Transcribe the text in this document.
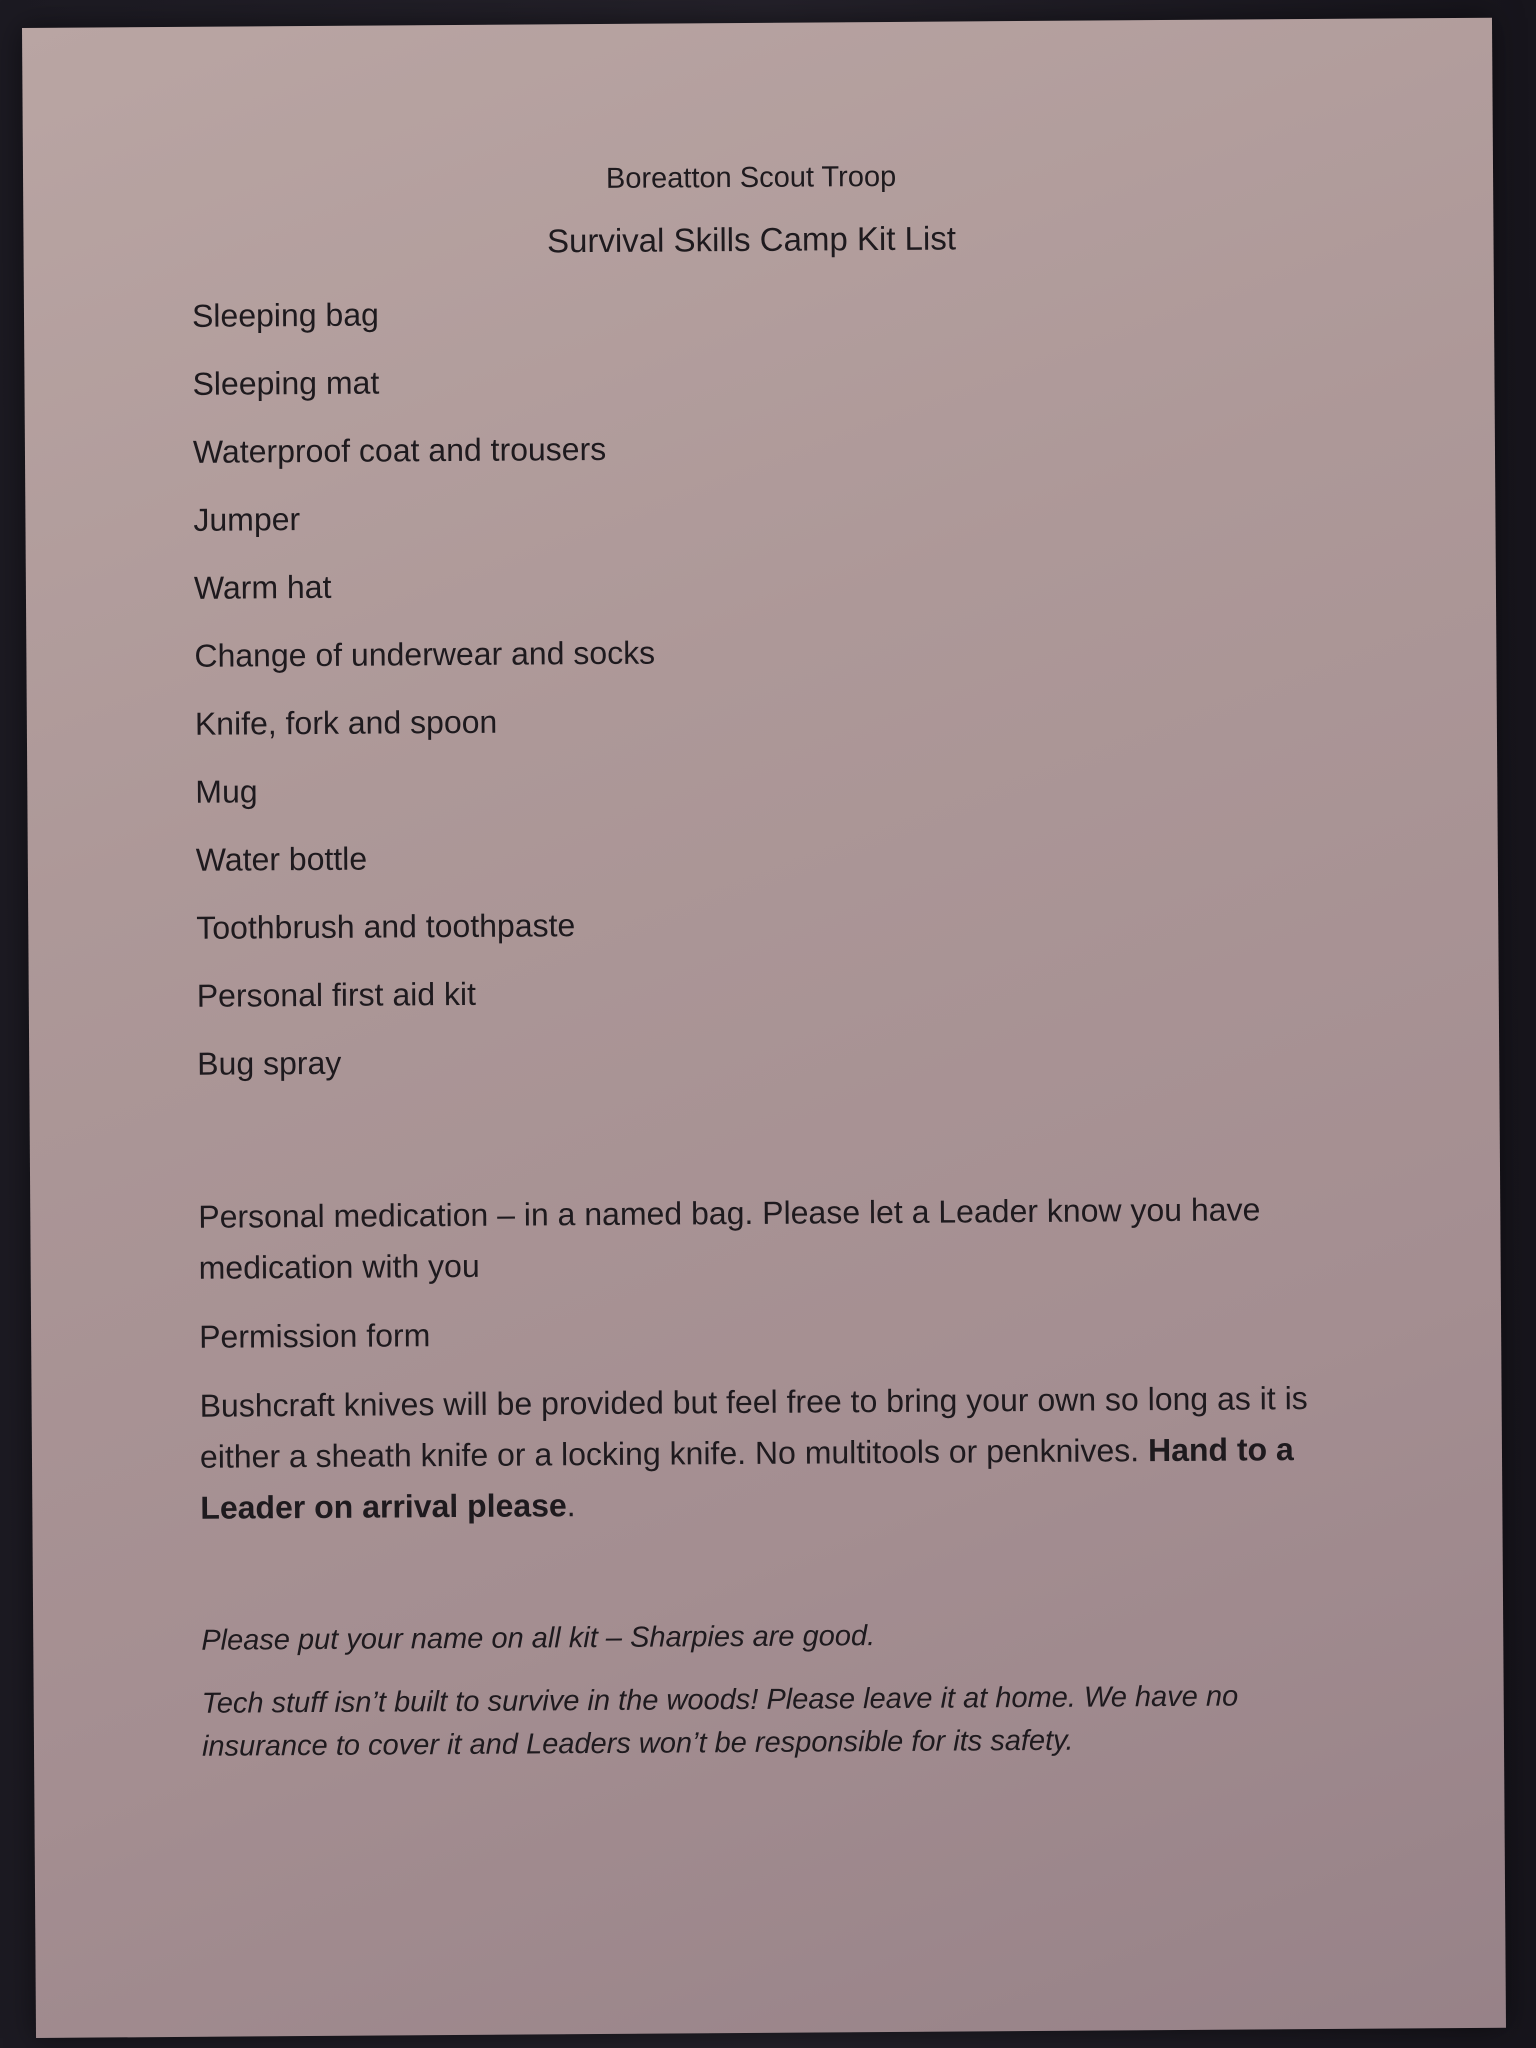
Boreatton Scout Troop
Survival Skills Camp Kit List
Sleeping bag
Sleeping mat
Waterproof coat and trousers
Jumper
Warm hat
Change of underwear and socks
Knife, fork and spoon
Mug
Water bottle
Toothbrush and toothpaste
Personal first aid kit
Bug spray

Personal medication – in a named bag. Please let a Leader know you have medication with you

Permission form

Bushcraft knives will be provided but feel free to bring your own so long as it is either a sheath knife or a locking knife. No multitools or penknives. Hand to a Leader on arrival please.

Please put your name on all kit – Sharpies are good.

Tech stuff isn’t built to survive in the woods! Please leave it at home. We have no insurance to cover it and Leaders won’t be responsible for its safety.
